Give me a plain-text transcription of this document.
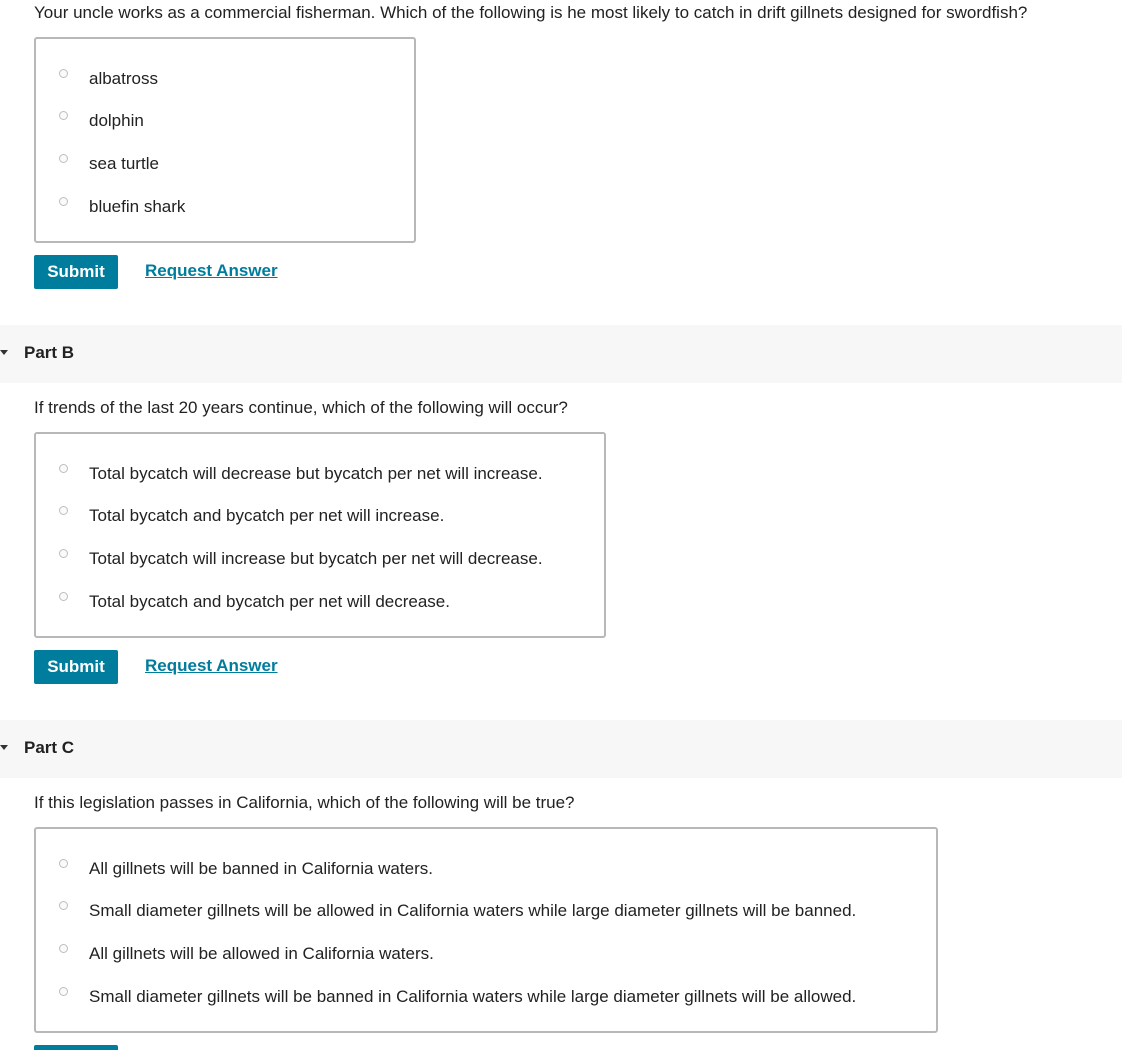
Your uncle works as a commercial fisherman. Which of the following is he most likely to catch in drift gillnets designed for swordfish?
albatross
dolphin
sea turtle
bluefin shark
Submit	Request Answer
Part B
If trends of the last 20 years continue, which of the following will occur?
Total bycatch will decrease but bycatch per net will increase.
Total bycatch and bycatch per net will increase.
Total bycatch will increase but bycatch per net will decrease.
Total bycatch and bycatch per net will decrease.
Submit	Request Answer
Part C
If this legislation passes in California, which of the following will be true?
All gillnets will be banned in California waters.
Small diameter gillnets will be allowed in California waters while large diameter gillnets will be banned.
All gillnets will be allowed in California waters.
Small diameter gillnets will be banned in California waters while large diameter gillnets will be allowed.
